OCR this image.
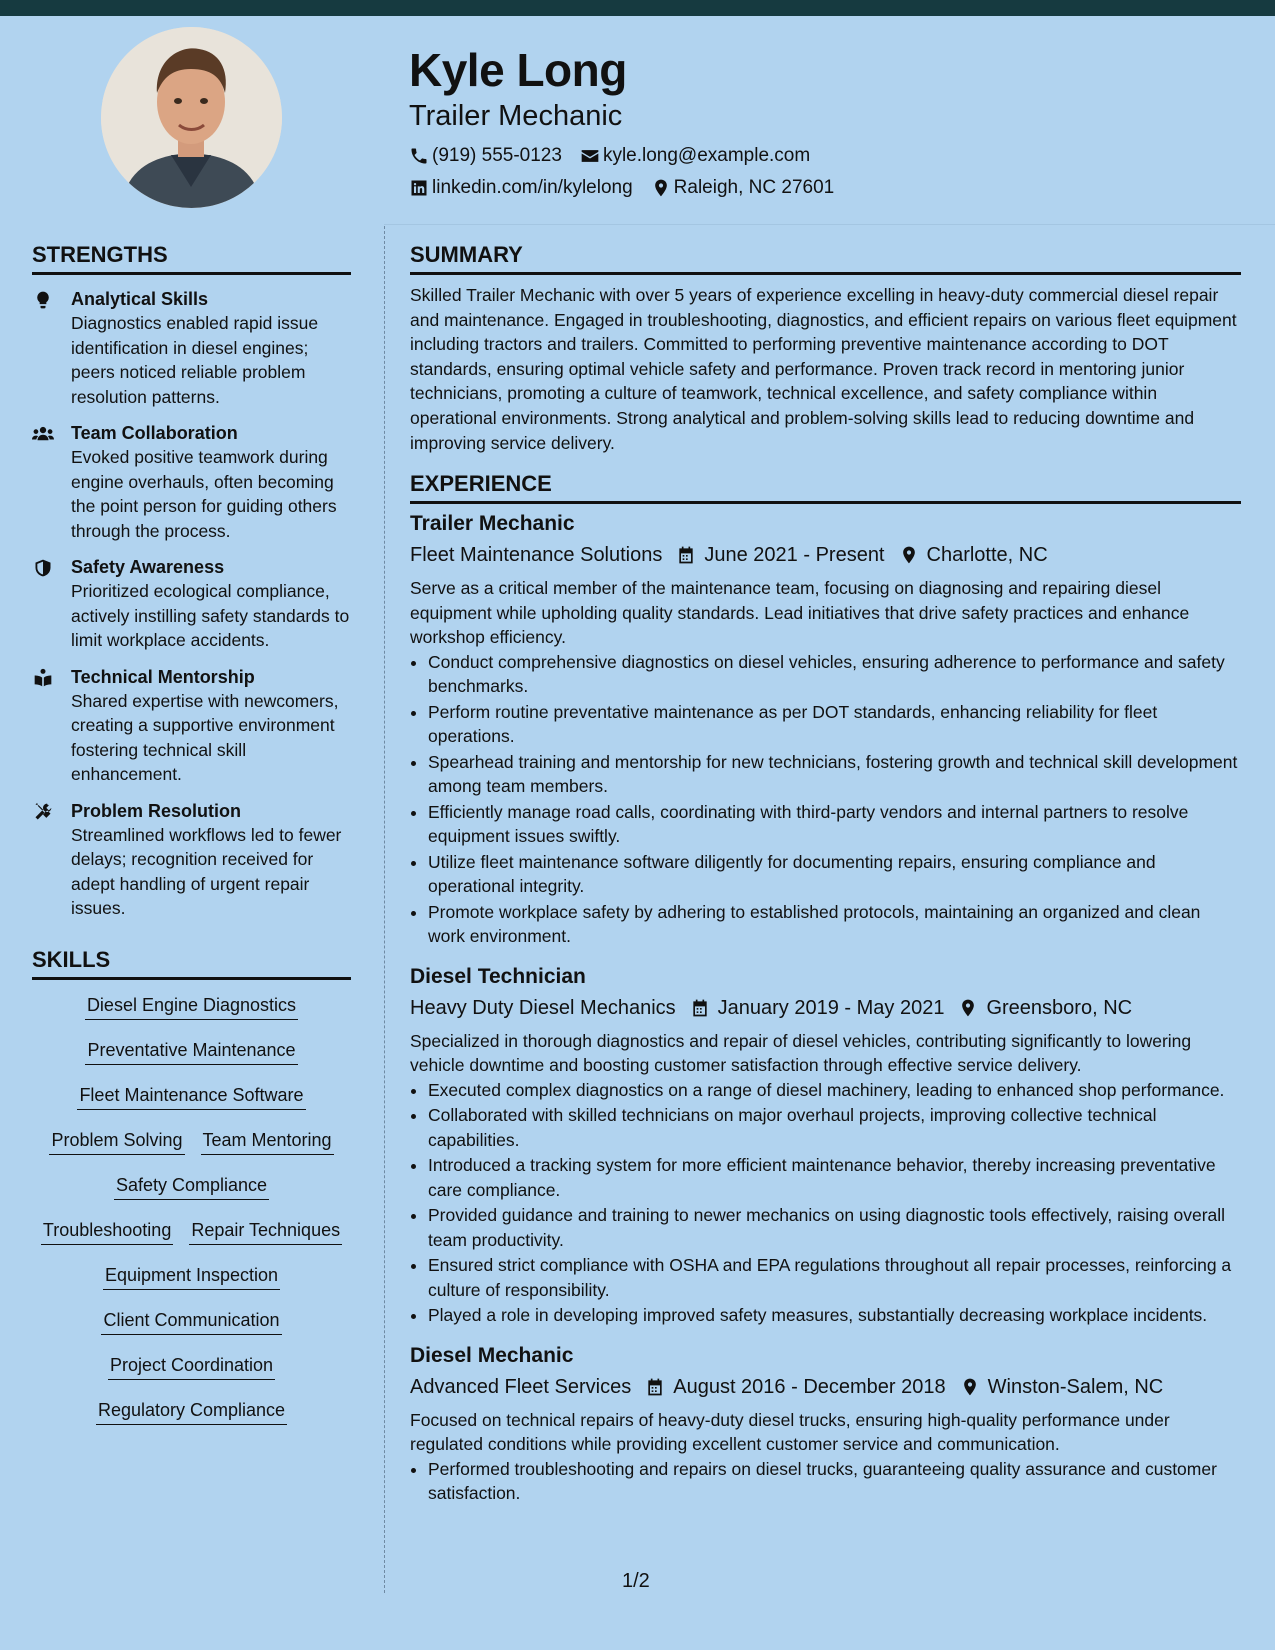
Kyle Long
Trailer Mechanic
(919) 555-0123 kyle.long@example.com
linkedin.com/in/kylelong Raleigh, NC 27601
STRENGTHS
Analytical Skills
Diagnostics enabled rapid issue identification in diesel engines; peers noticed reliable problem resolution patterns.
Team Collaboration
Evoked positive teamwork during engine overhauls, often becoming the point person for guiding others through the process.
Safety Awareness
Prioritized ecological compliance, actively instilling safety standards to limit workplace accidents.
Technical Mentorship
Shared expertise with newcomers, creating a supportive environment fostering technical skill enhancement.
Problem Resolution
Streamlined workflows led to fewer delays; recognition received for adept handling of urgent repair issues.
SKILLS
Diesel Engine Diagnostics
Preventative Maintenance
Fleet Maintenance Software
Problem Solving Team Mentoring
Safety Compliance
Troubleshooting Repair Techniques
Equipment Inspection
Client Communication
Project Coordination
Regulatory Compliance
SUMMARY
Skilled Trailer Mechanic with over 5 years of experience excelling in heavy-duty commercial diesel repair and maintenance. Engaged in troubleshooting, diagnostics, and efficient repairs on various fleet equipment including tractors and trailers. Committed to performing preventive maintenance according to DOT standards, ensuring optimal vehicle safety and performance. Proven track record in mentoring junior technicians, promoting a culture of teamwork, technical excellence, and safety compliance within operational environments. Strong analytical and problem-solving skills lead to reducing downtime and improving service delivery.
EXPERIENCE
Trailer Mechanic
Fleet Maintenance Solutions June 2021 - Present Charlotte, NC
Serve as a critical member of the maintenance team, focusing on diagnosing and repairing diesel equipment while upholding quality standards. Lead initiatives that drive safety practices and enhance workshop efficiency.
• Conduct comprehensive diagnostics on diesel vehicles, ensuring adherence to performance and safety benchmarks.
• Perform routine preventative maintenance as per DOT standards, enhancing reliability for fleet operations.
• Spearhead training and mentorship for new technicians, fostering growth and technical skill development among team members.
• Efficiently manage road calls, coordinating with third-party vendors and internal partners to resolve equipment issues swiftly.
• Utilize fleet maintenance software diligently for documenting repairs, ensuring compliance and operational integrity.
• Promote workplace safety by adhering to established protocols, maintaining an organized and clean work environment.
Diesel Technician
Heavy Duty Diesel Mechanics January 2019 - May 2021 Greensboro, NC
Specialized in thorough diagnostics and repair of diesel vehicles, contributing significantly to lowering vehicle downtime and boosting customer satisfaction through effective service delivery.
• Executed complex diagnostics on a range of diesel machinery, leading to enhanced shop performance.
• Collaborated with skilled technicians on major overhaul projects, improving collective technical capabilities.
• Introduced a tracking system for more efficient maintenance behavior, thereby increasing preventative care compliance.
• Provided guidance and training to newer mechanics on using diagnostic tools effectively, raising overall team productivity.
• Ensured strict compliance with OSHA and EPA regulations throughout all repair processes, reinforcing a culture of responsibility.
• Played a role in developing improved safety measures, substantially decreasing workplace incidents.
Diesel Mechanic
Advanced Fleet Services August 2016 - December 2018 Winston-Salem, NC
Focused on technical repairs of heavy-duty diesel trucks, ensuring high-quality performance under regulated conditions while providing excellent customer service and communication.
• Performed troubleshooting and repairs on diesel trucks, guaranteeing quality assurance and customer satisfaction.
1/2
